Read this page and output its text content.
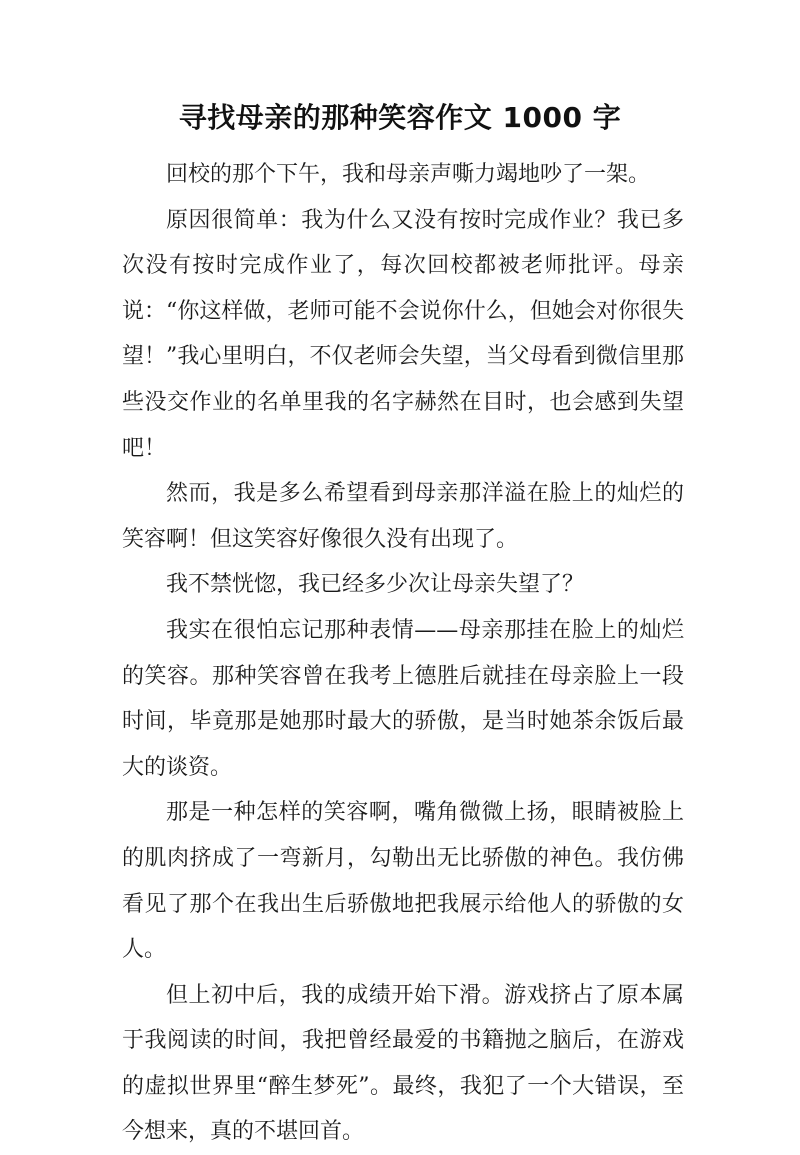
寻找母亲的那种笑容作文 1000 字

回校的那个下午，我和母亲声嘶力竭地吵了一架。

原因很简单：我为什么又没有按时完成作业？我已多次没有按时完成作业了，每次回校都被老师批评。母亲说：“你这样做，老师可能不会说你什么，但她会对你很失望！”我心里明白，不仅老师会失望，当父母看到微信里那些没交作业的名单里我的名字赫然在目时，也会感到失望吧！

然而，我是多么希望看到母亲那洋溢在脸上的灿烂的笑容啊！但这笑容好像很久没有出现了。

我不禁恍惚，我已经多少次让母亲失望了？

我实在很怕忘记那种表情——母亲那挂在脸上的灿烂的笑容。那种笑容曾在我考上德胜后就挂在母亲脸上一段时间，毕竟那是她那时最大的骄傲，是当时她茶余饭后最大的谈资。

那是一种怎样的笑容啊，嘴角微微上扬，眼睛被脸上的肌肉挤成了一弯新月，勾勒出无比骄傲的神色。我仿佛看见了那个在我出生后骄傲地把我展示给他人的骄傲的女人。

但上初中后，我的成绩开始下滑。游戏挤占了原本属于我阅读的时间，我把曾经最爱的书籍抛之脑后，在游戏的虚拟世界里“醉生梦死”。最终，我犯了一个大错误，至今想来，真的不堪回首。
